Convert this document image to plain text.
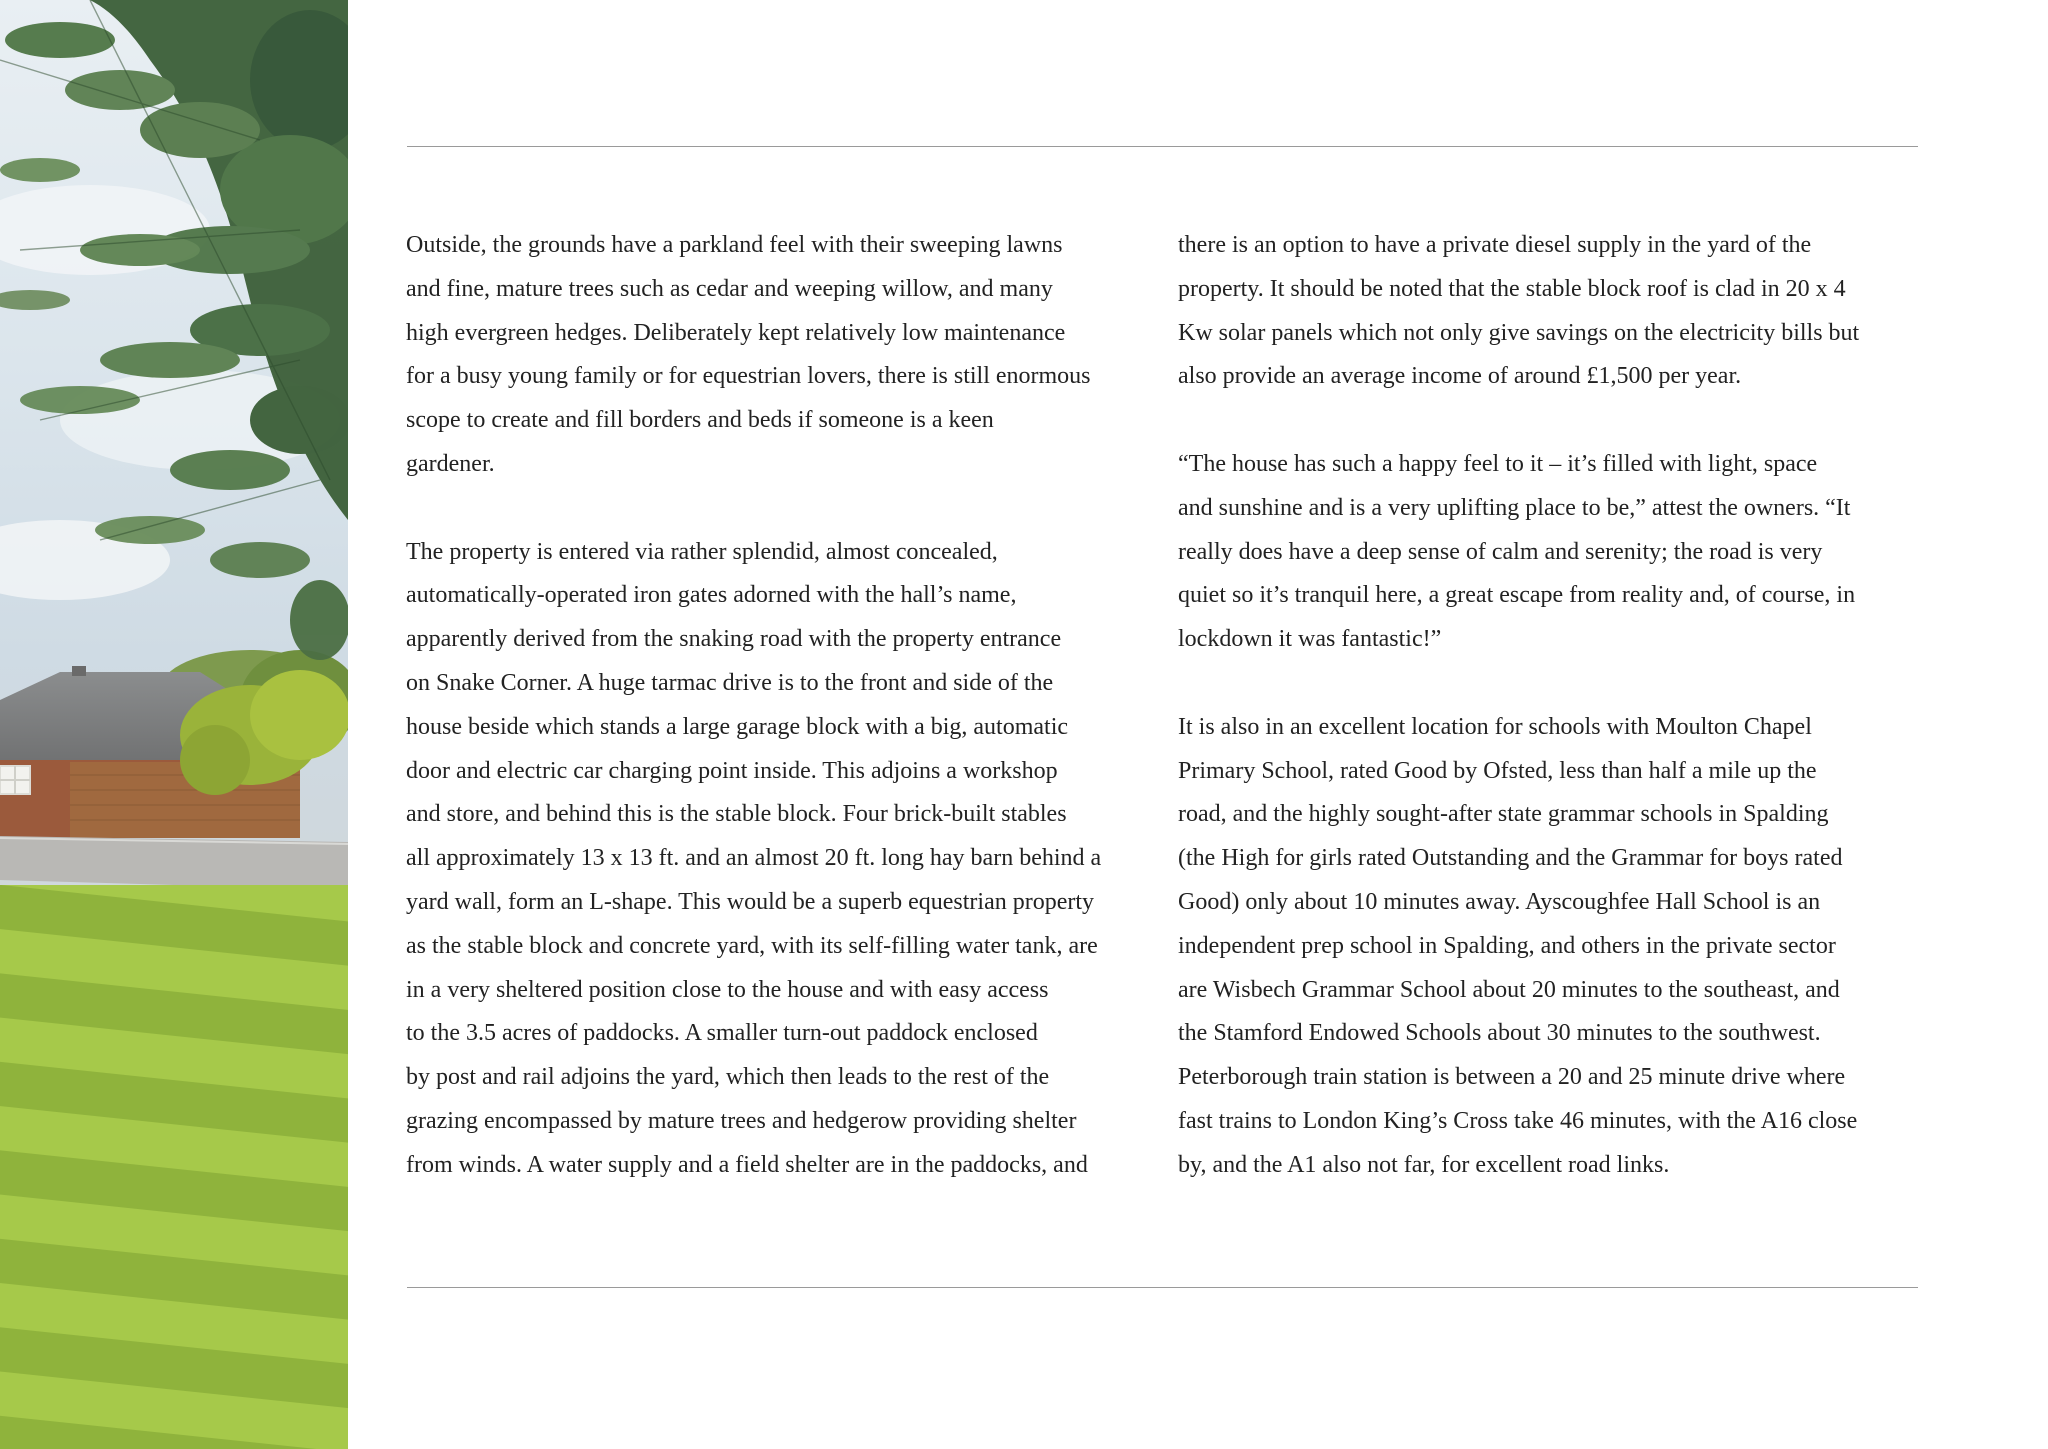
Outside, the grounds have a parkland feel with their sweeping lawns
and fine, mature trees such as cedar and weeping willow, and many
high evergreen hedges. Deliberately kept relatively low maintenance
for a busy young family or for equestrian lovers, there is still enormous
scope to create and fill borders and beds if someone is a keen
gardener.

The property is entered via rather splendid, almost concealed,
automatically-operated iron gates adorned with the hall’s name,
apparently derived from the snaking road with the property entrance
on Snake Corner. A huge tarmac drive is to the front and side of the
house beside which stands a large garage block with a big, automatic
door and electric car charging point inside. This adjoins a workshop
and store, and behind this is the stable block. Four brick-built stables
all approximately 13 x 13 ft. and an almost 20 ft. long hay barn behind a
yard wall, form an L-shape. This would be a superb equestrian property
as the stable block and concrete yard, with its self-filling water tank, are
in a very sheltered position close to the house and with easy access
to the 3.5 acres of paddocks. A smaller turn-out paddock enclosed
by post and rail adjoins the yard, which then leads to the rest of the
grazing encompassed by mature trees and hedgerow providing shelter
from winds. A water supply and a field shelter are in the paddocks, and

there is an option to have a private diesel supply in the yard of the
property. It should be noted that the stable block roof is clad in 20 x 4
Kw solar panels which not only give savings on the electricity bills but
also provide an average income of around £1,500 per year.

“The house has such a happy feel to it – it’s filled with light, space
and sunshine and is a very uplifting place to be,” attest the owners. “It
really does have a deep sense of calm and serenity; the road is very
quiet so it’s tranquil here, a great escape from reality and, of course, in
lockdown it was fantastic!”

It is also in an excellent location for schools with Moulton Chapel
Primary School, rated Good by Ofsted, less than half a mile up the
road, and the highly sought-after state grammar schools in Spalding
(the High for girls rated Outstanding and the Grammar for boys rated
Good) only about 10 minutes away. Ayscoughfee Hall School is an
independent prep school in Spalding, and others in the private sector
are Wisbech Grammar School about 20 minutes to the southeast, and
the Stamford Endowed Schools about 30 minutes to the southwest.
Peterborough train station is between a 20 and 25 minute drive where
fast trains to London King’s Cross take 46 minutes, with the A16 close
by, and the A1 also not far, for excellent road links.
